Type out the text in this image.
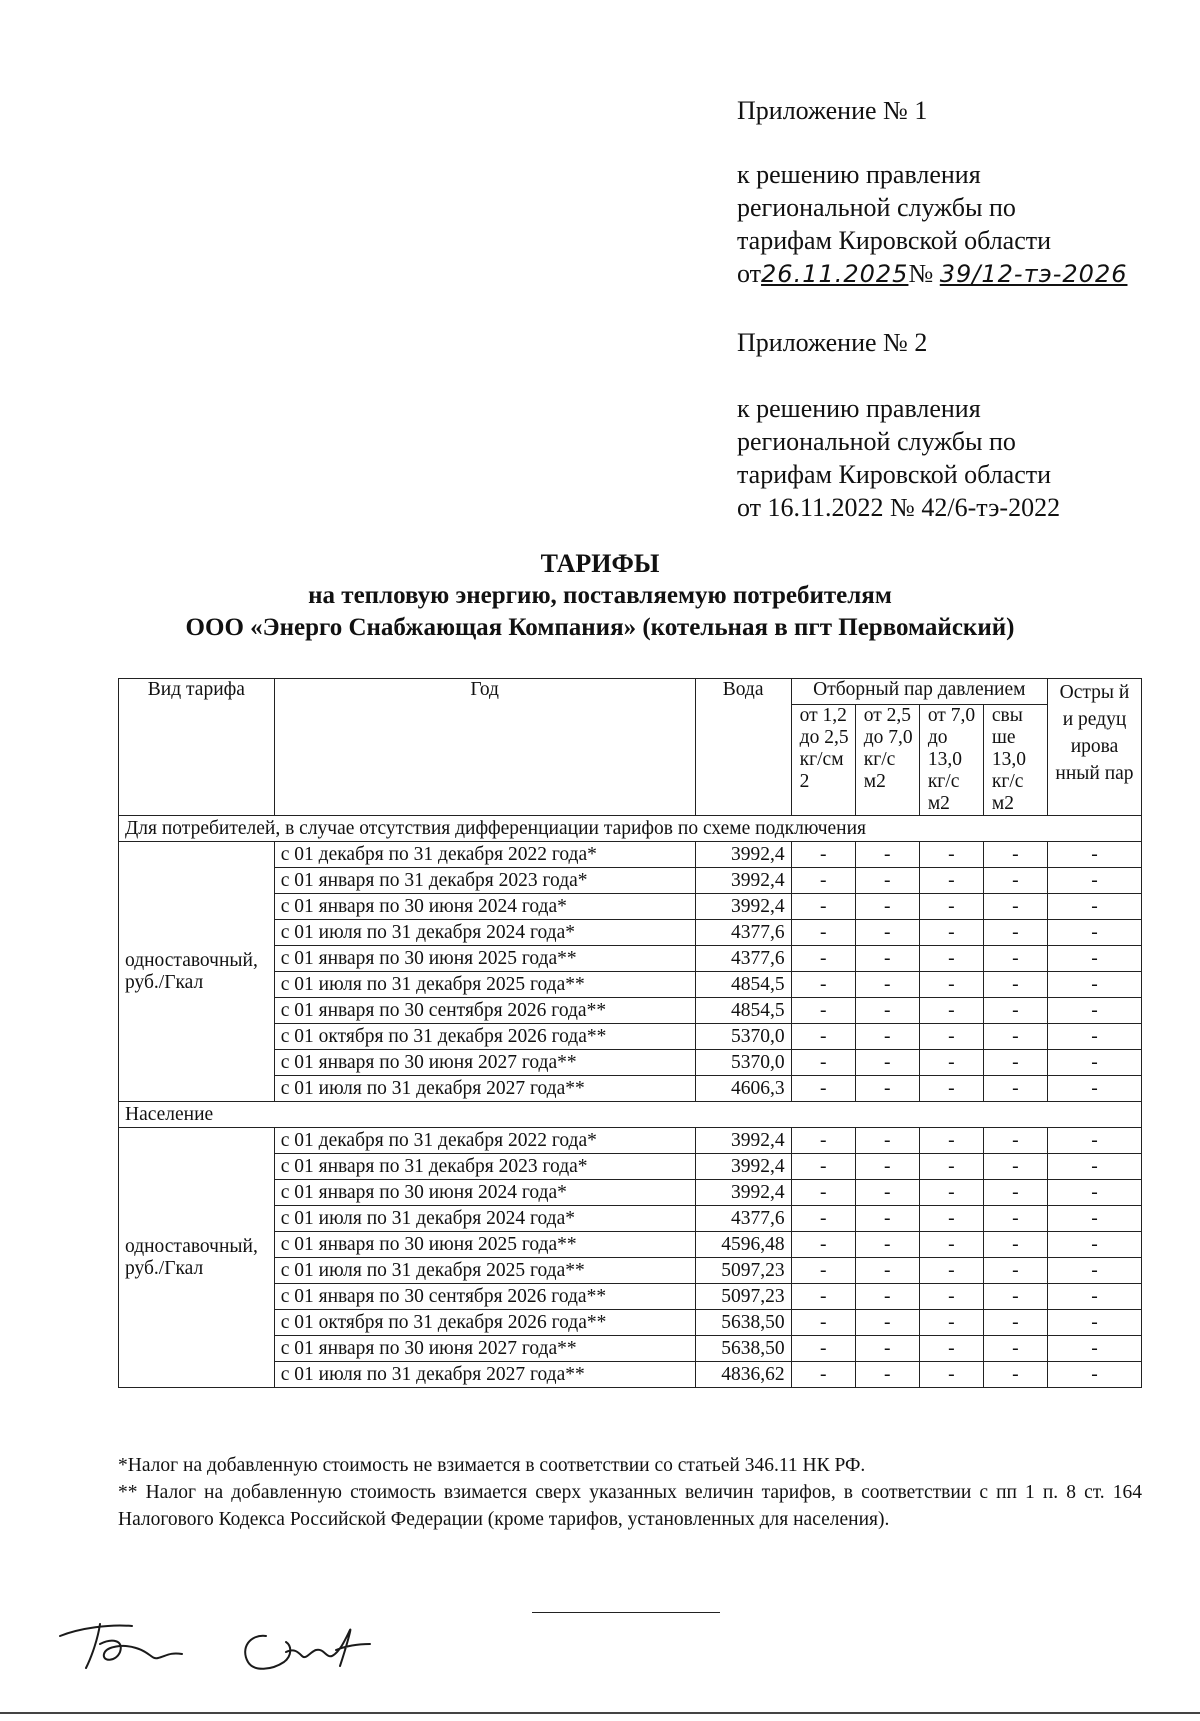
Приложение № 1

к решению правления

региональной службы по

тарифам Кировской области

от26.11.2025№ 39/12-тэ-2026

Приложение № 2

к решению правления

региональной службы по

тарифам Кировской области

от 16.11.2022 № 42/6-тэ-2022

ТАРИФЫ
на тепловую энергию, поставляемую потребителям
ООО «Энерго Снабжающая Компания» (котельная в пгт Первомайский)
Вид тарифа	Год	Вода	Отборный пар давлением				Остры й и редуц ирова нный пар
			от 1,2 до 2,5 кг/см 2	от 2,5 до 7,0 кг/с м2	от 7,0 до 13,0 кг/с м2	свы ше 13,0 кг/с м2	
Для потребителей, в случае отсутствия дифференциации тарифов по схеме подключения							
одноставочный, руб./Гкал	с 01 декабря по 31 декабря 2022 года*	3992,4	-	-	-	-	-
	с 01 января по 31 декабря 2023 года*	3992,4	-	-	-	-	-
	с 01 января по 30 июня 2024 года*	3992,4	-	-	-	-	-
	с 01 июля по 31 декабря 2024 года*	4377,6	-	-	-	-	-
	с 01 января по 30 июня 2025 года**	4377,6	-	-	-	-	-
	с 01 июля по 31 декабря 2025 года**	4854,5	-	-	-	-	-
	с 01 января по 30 сентября 2026 года**	4854,5	-	-	-	-	-
	с 01 октября по 31 декабря 2026 года**	5370,0	-	-	-	-	-
	с 01 января по 30 июня 2027 года**	5370,0	-	-	-	-	-
	с 01 июля по 31 декабря 2027 года**	4606,3	-	-	-	-	-
Население							
одноставочный, руб./Гкал	с 01 декабря по 31 декабря 2022 года*	3992,4	-	-	-	-	-
	с 01 января по 31 декабря 2023 года*	3992,4	-	-	-	-	-
	с 01 января по 30 июня 2024 года*	3992,4	-	-	-	-	-
	с 01 июля по 31 декабря 2024 года*	4377,6	-	-	-	-	-
	с 01 января по 30 июня 2025 года**	4596,48	-	-	-	-	-
	с 01 июля по 31 декабря 2025 года**	5097,23	-	-	-	-	-
	с 01 января по 30 сентября 2026 года**	5097,23	-	-	-	-	-
	с 01 октября по 31 декабря 2026 года**	5638,50	-	-	-	-	-
	с 01 января по 30 июня 2027 года**	5638,50	-	-	-	-	-
	с 01 июля по 31 декабря 2027 года**	4836,62	-	-	-	-	-

*Налог на добавленную стоимость не взимается в соответствии со статьей 346.11 НК РФ.

** Налог на добавленную стоимость взимается сверх указанных величин тарифов, в соответствии с пп 1 п. 8 ст. 164 Налогового Кодекса Российской Федерации (кроме тарифов, установленных для населения).
